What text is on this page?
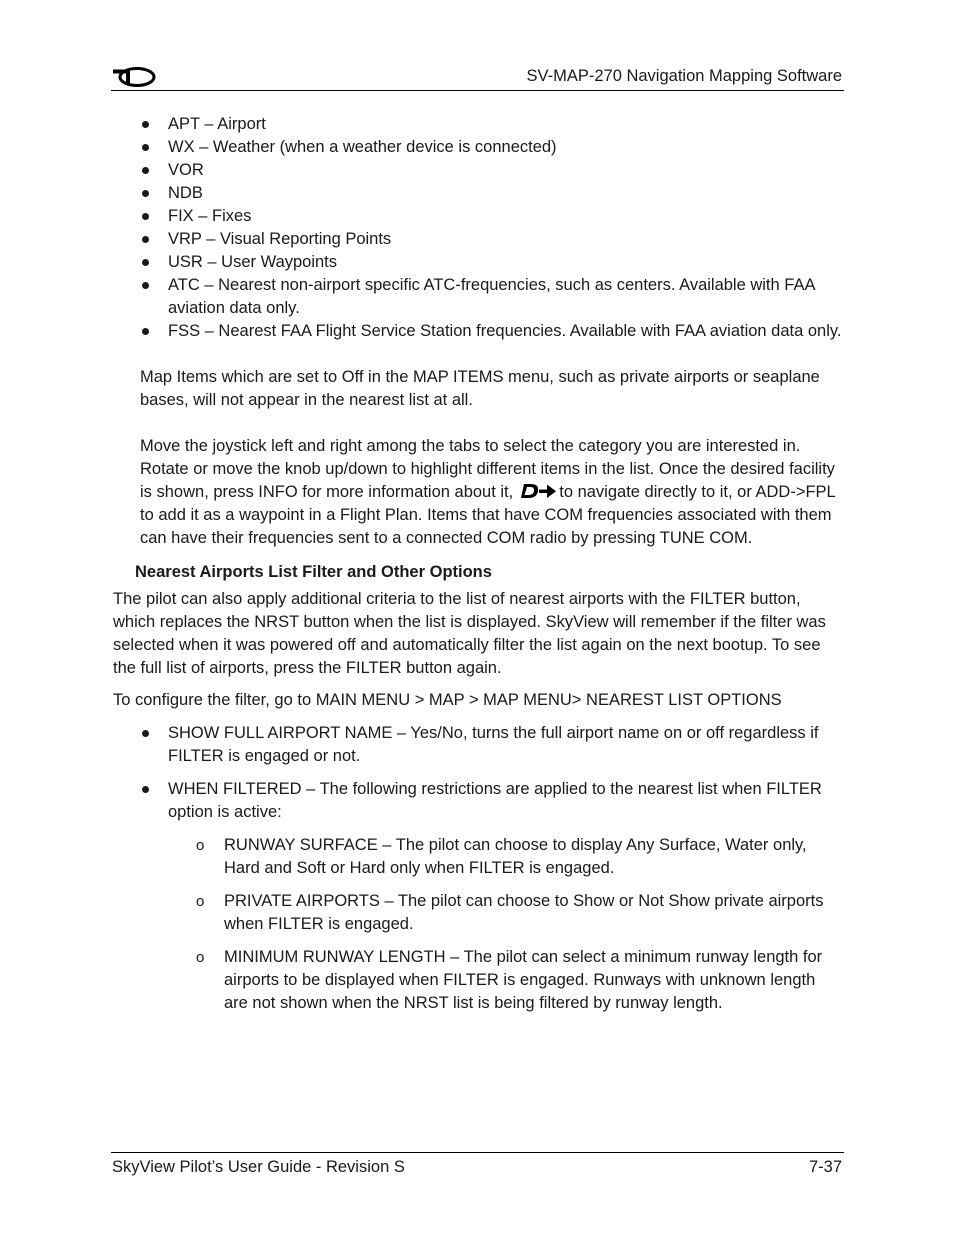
SV-MAP-270 Navigation Mapping Software
APT – Airport
WX – Weather (when a weather device is connected)
VOR
NDB
FIX – Fixes
VRP – Visual Reporting Points
USR – User Waypoints
ATC – Nearest non-airport specific ATC-frequencies, such as centers. Available with FAA aviation data only.
FSS – Nearest FAA Flight Service Station frequencies. Available with FAA aviation data only.

Map Items which are set to Off in the MAP ITEMS menu, such as private airports or seaplane bases, will not appear in the nearest list at all.

Move the joystick left and right among the tabs to select the category you are interested in. Rotate or move the knob up/down to highlight different items in the list. Once the desired facility is shown, press INFO for more information about it,	to navigate directly to it, or ADD->FPL to add it as a waypoint in a Flight Plan. Items that have COM frequencies associated with them can have their frequencies sent to a connected COM radio by pressing TUNE COM.

Nearest Airports List Filter and Other Options

The pilot can also apply additional criteria to the list of nearest airports with the FILTER button, which replaces the NRST button when the list is displayed. SkyView will remember if the filter was selected when it was powered off and automatically filter the list again on the next bootup. To see the full list of airports, press the FILTER button again.

To configure the filter, go to MAIN MENU > MAP > MAP MENU> NEAREST LIST OPTIONS

SHOW FULL AIRPORT NAME – Yes/No, turns the full airport name on or off regardless if FILTER is engaged or not.
WHEN FILTERED – The following restrictions are applied to the nearest list when FILTER option is active:
o RUNWAY SURFACE – The pilot can choose to display Any Surface, Water only, Hard and Soft or Hard only when FILTER is engaged.
o PRIVATE AIRPORTS – The pilot can choose to Show or Not Show private airports when FILTER is engaged.
o MINIMUM RUNWAY LENGTH – The pilot can select a minimum runway length for airports to be displayed when FILTER is engaged. Runways with unknown length are not shown when the NRST list is being filtered by runway length.
SkyView Pilot’s User Guide - Revision S	7-37
